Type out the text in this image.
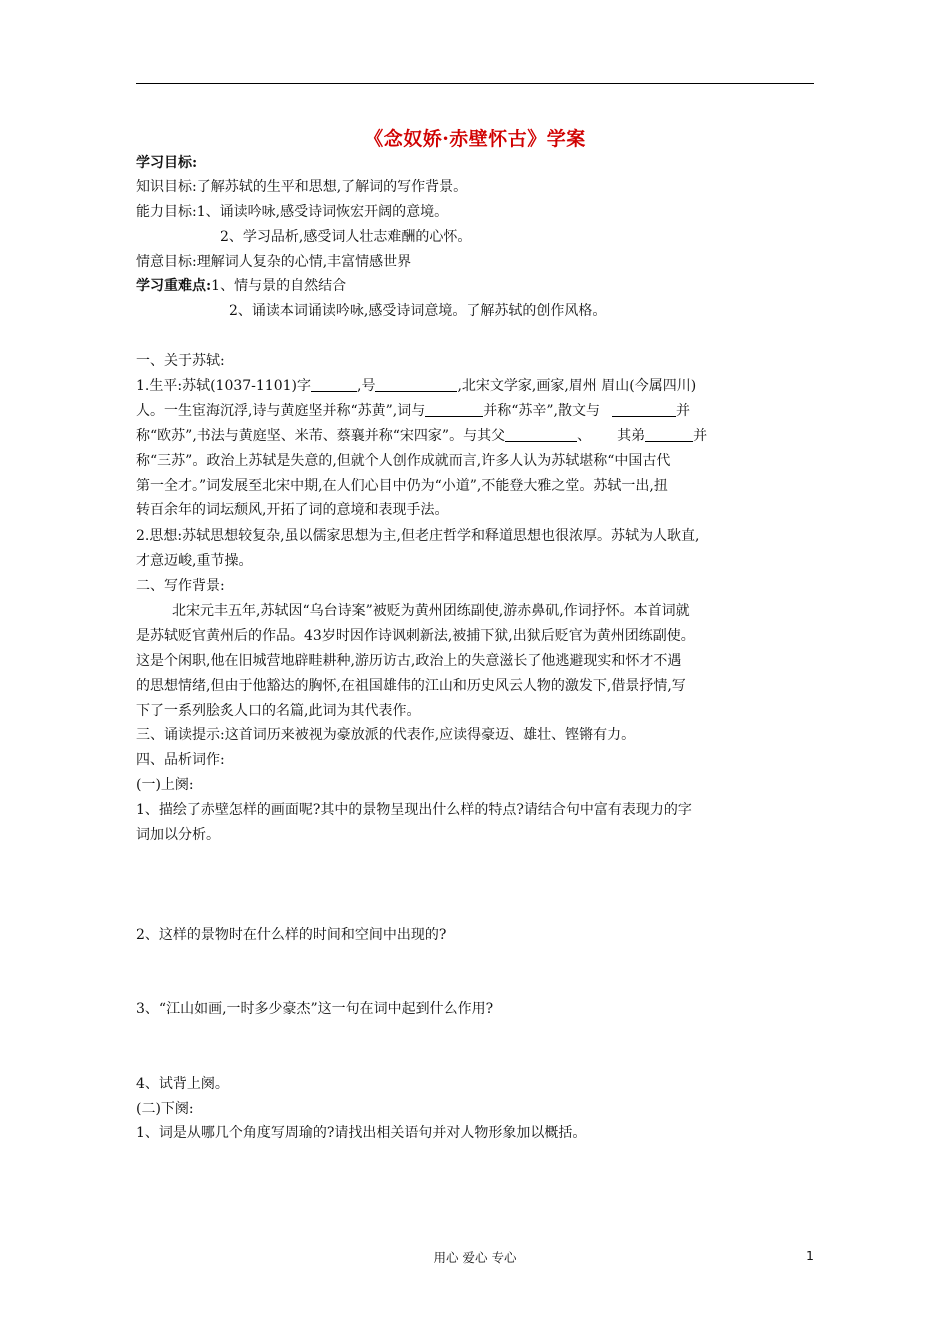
《念奴娇·赤壁怀古》学案
学习目标:
知识目标:了解苏轼的生平和思想,了解词的写作背景。
能力目标:1、诵读吟咏,感受诗词恢宏开阔的意境。
2、学习品析,感受词人壮志难酬的心怀。
情意目标:理解词人复杂的心情,丰富情感世界
学习重难点:1、情与景的自然结合
2、诵读本词诵读吟咏,感受诗词意境。了解苏轼的创作风格。
一、关于苏轼:
1.生平:苏轼(1037-1101)字	,号	,北宋文学家,画家,眉州 眉山(今属四川)
人。一生宦海沉浮,诗与黄庭坚并称“苏黄”,词与	并称“苏辛”,散文与	并
称“欧苏”,书法与黄庭坚、米芾、蔡襄并称“宋四家”。与其父	、 其弟	并
称“三苏”。政治上苏轼是失意的,但就个人创作成就而言,许多人认为苏轼堪称“中国古代
第一全才。”词发展至北宋中期,在人们心目中仍为“小道”,不能登大雅之堂。苏轼一出,扭
转百余年的词坛颓风,开拓了词的意境和表现手法。
2.思想:苏轼思想较复杂,虽以儒家思想为主,但老庄哲学和释道思想也很浓厚。苏轼为人耿直,
才意迈峻,重节操。
二、写作背景:
北宋元丰五年,苏轼因“乌台诗案”被贬为黄州团练副使,游赤鼻矶,作词抒怀。本首词就
是苏轼贬官黄州后的作品。43岁时因作诗讽刺新法,被捕下狱,出狱后贬官为黄州团练副使。
这是个闲职,他在旧城营地辟畦耕种,游历访古,政治上的失意滋长了他逃避现实和怀才不遇
的思想情绪,但由于他豁达的胸怀,在祖国雄伟的江山和历史风云人物的激发下,借景抒情,写
下了一系列脍炙人口的名篇,此词为其代表作。
三、诵读提示:这首词历来被视为豪放派的代表作,应读得豪迈、雄壮、铿锵有力。
四、品析词作:
(一)上阕:
1、描绘了赤壁怎样的画面呢?其中的景物呈现出什么样的特点?请结合句中富有表现力的字
词加以分析。
2、这样的景物时在什么样的时间和空间中出现的?
3、“江山如画,一时多少豪杰”这一句在词中起到什么作用?
4、试背上阕。
(二)下阕:
1、词是从哪几个角度写周瑜的?请找出相关语句并对人物形象加以概括。
用心 爱心 专心	1
